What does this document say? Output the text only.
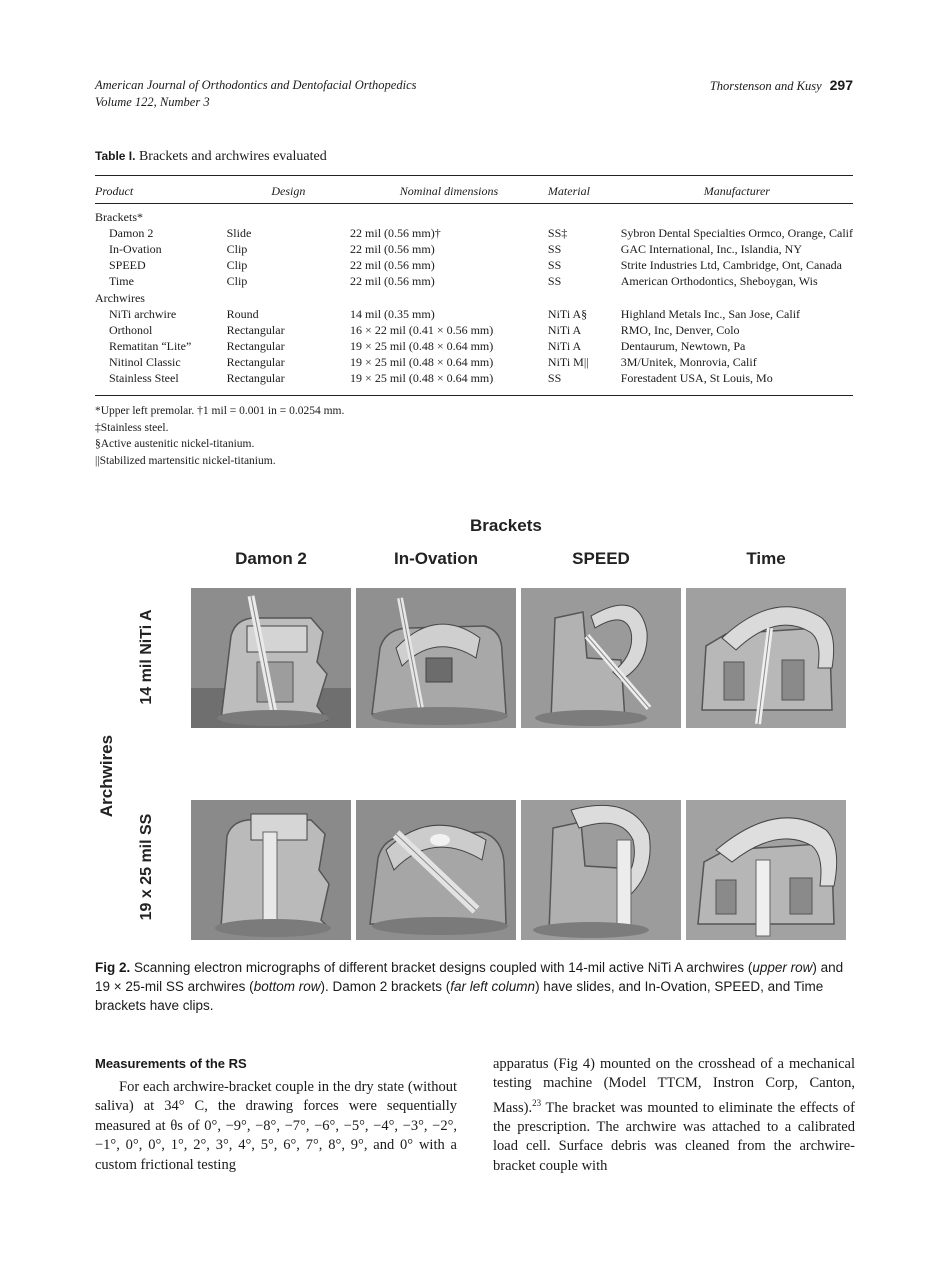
American Journal of Orthodontics and Dentofacial Orthopedics
Volume 122, Number 3
Thorstenson and Kusy 297
Table I. Brackets and archwires evaluated
Product	Design	Nominal dimensions	Material	Manufacturer

Brackets*				
Damon 2	Slide	22 mil (0.56 mm)†	SS‡	Sybron Dental Specialties Ormco, Orange, Calif
In-Ovation	Clip	22 mil (0.56 mm)	SS	GAC International, Inc., Islandia, NY
SPEED	Clip	22 mil (0.56 mm)	SS	Strite Industries Ltd, Cambridge, Ont, Canada
Time	Clip	22 mil (0.56 mm)	SS	American Orthodontics, Sheboygan, Wis
Archwires				
NiTi archwire	Round	14 mil (0.35 mm)	NiTi A§	Highland Metals Inc., San Jose, Calif
Orthonol	Rectangular	16 × 22 mil (0.41 × 0.56 mm)	NiTi A	RMO, Inc, Denver, Colo
Rematitan “Lite”	Rectangular	19 × 25 mil (0.48 × 0.64 mm)	NiTi A	Dentaurum, Newtown, Pa
Nitinol Classic	Rectangular	19 × 25 mil (0.48 × 0.64 mm)	NiTi M||	3M/Unitek, Monrovia, Calif
Stainless Steel	Rectangular	19 × 25 mil (0.48 × 0.64 mm)	SS	Forestadent USA, St Louis, Mo
*Upper left premolar. †1 mil = 0.001 in = 0.0254 mm.
‡Stainless steel.
§Active austenitic nickel-titanium.
||Stabilized martensitic nickel-titanium.
Brackets
Damon 2	In-Ovation	SPEED	Time
Archwires
14 mil NiTi A
19 x 25 mil SS
Fig 2. Scanning electron micrographs of different bracket designs coupled with 14-mil active NiTi A archwires (upper row) and 19 × 25-mil SS archwires (bottom row). Damon 2 brackets (far left column) have slides, and In-Ovation, SPEED, and Time brackets have clips.
Measurements of the RS
For each archwire-bracket couple in the dry state (without saliva) at 34° C, the drawing forces were sequentially measured at θs of 0°, −9°, −8°, −7°, −6°, −5°, −4°, −3°, −2°, −1°, 0°, 0°, 1°, 2°, 3°, 4°, 5°, 6°, 7°, 8°, 9°, and 0° with a custom frictional testing
apparatus (Fig 4) mounted on the crosshead of a mechanical testing machine (Model TTCM, Instron Corp, Canton, Mass).$^{23}$ The bracket was mounted to eliminate the effects of the prescription. The archwire was attached to a calibrated load cell. Surface debris was cleaned from the archwire-bracket couple with
